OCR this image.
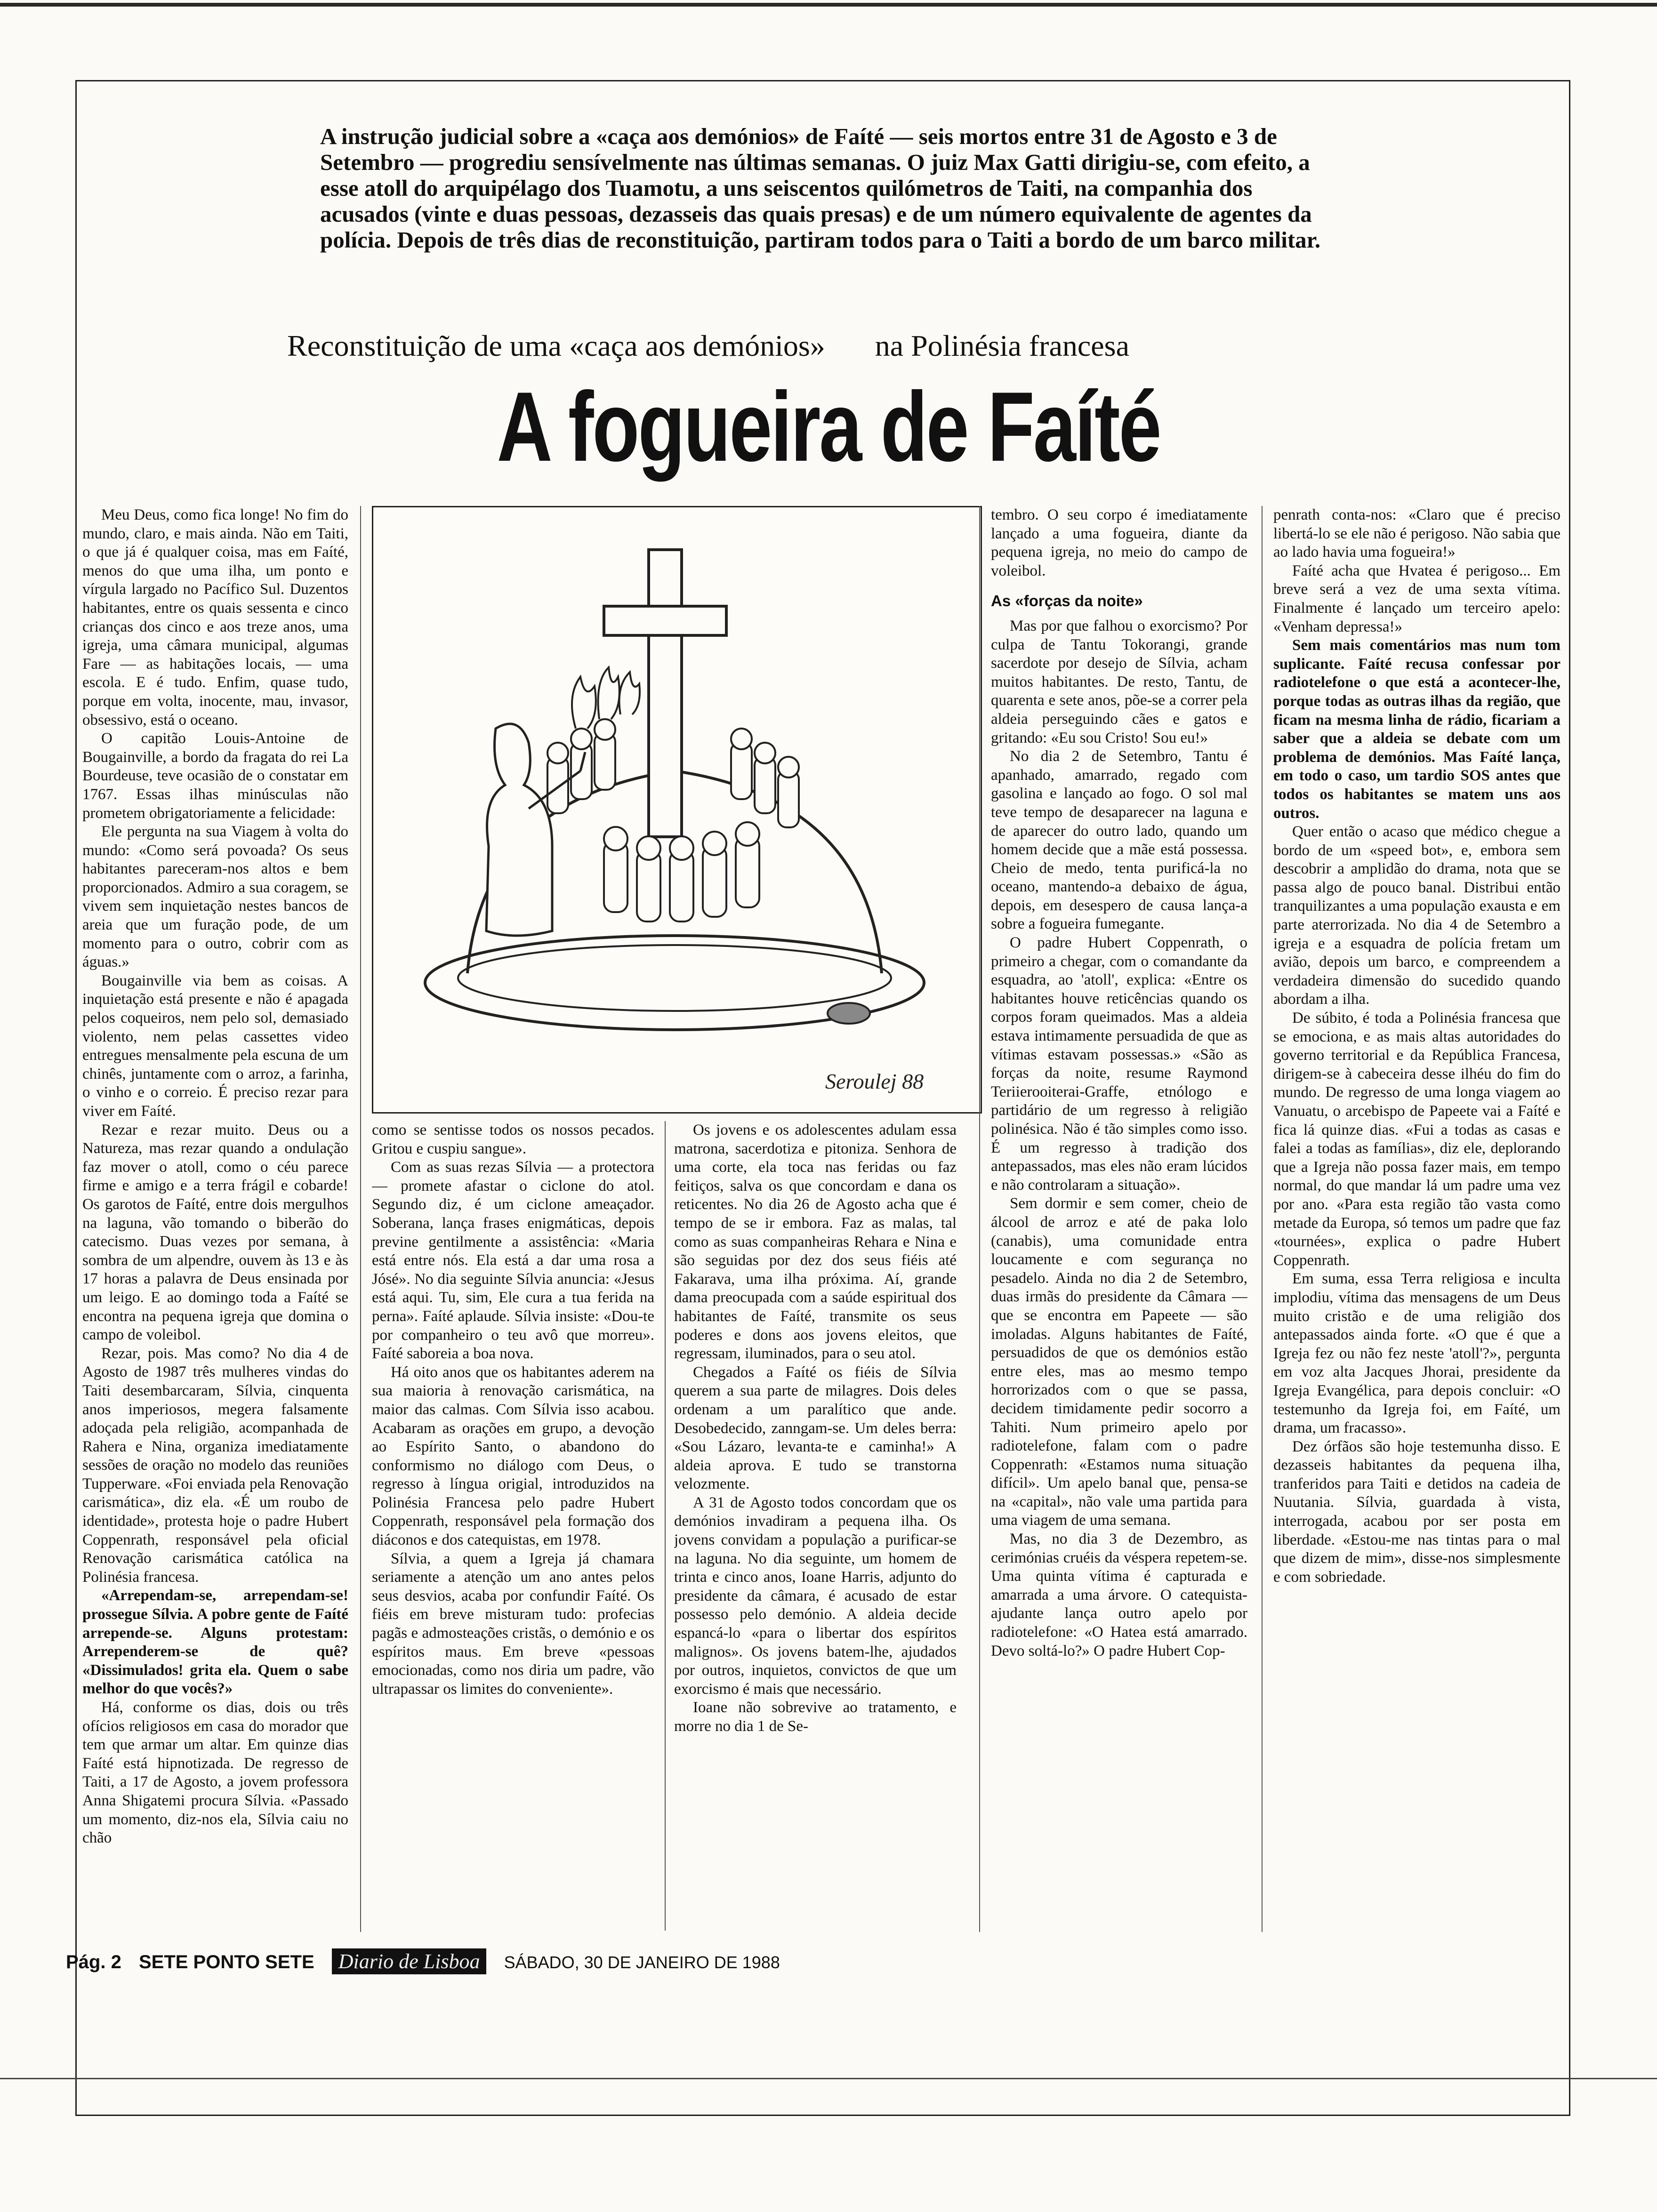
A instrução judicial sobre a «caça aos demónios» de Faíté — seis mortos entre 31 de Agosto e 3 de Setembro — progrediu sensívelmente nas últimas semanas. O juiz Max Gatti dirigiu-se, com efeito, a esse atoll do arquipélago dos Tuamotu, a uns seiscentos quilómetros de Taiti, na companhia dos acusados (vinte e duas pessoas, dezasseis das quais presas) e de um número equivalente de agentes da polícia. Depois de três dias de reconstituição, partiram todos para o Taiti a bordo de um barco militar.
Reconstituição de uma «caça aos demónios» na Polinésia francesa
A fogueira de Faíté

Meu Deus, como fica longe! No fim do mundo, claro, e mais ainda. Não em Taiti, o que já é qualquer coisa, mas em Faíté, menos do que uma ilha, um ponto e vírgula largado no Pacífico Sul. Duzentos habitantes, entre os quais sessenta e cinco crianças dos cinco e aos treze anos, uma igreja, uma câmara municipal, algumas Fare — as habitações locais, — uma escola. E é tudo. Enfim, quase tudo, porque em volta, inocente, mau, invasor, obsessivo, está o oceano.

O capitão Louis-Antoine de Bougainville, a bordo da fragata do rei La Bourdeuse, teve ocasião de o constatar em 1767. Essas ilhas minúsculas não prometem obrigatoriamente a felicidade:

Ele pergunta na sua Viagem à volta do mundo: «Como será povoada? Os seus habitantes pareceram-nos altos e bem proporcionados. Admiro a sua coragem, se vivem sem inquietação nestes bancos de areia que um furação pode, de um momento para o outro, cobrir com as águas.»

Bougainville via bem as coisas. A inquietação está presente e não é apagada pelos coqueiros, nem pelo sol, demasiado violento, nem pelas cassettes video entregues mensalmente pela escuna de um chinês, juntamente com o arroz, a farinha, o vinho e o correio. É preciso rezar para viver em Faíté.

Rezar e rezar muito. Deus ou a Natureza, mas rezar quando a ondulação faz mover o atoll, como o céu parece firme e amigo e a terra frágil e cobarde! Os garotos de Faíté, entre dois mergulhos na laguna, vão tomando o biberão do catecismo. Duas vezes por semana, à sombra de um alpendre, ouvem às 13 e às 17 horas a palavra de Deus ensinada por um leigo. E ao domingo toda a Faíté se encontra na pequena igreja que domina o campo de voleibol.

Rezar, pois. Mas como? No dia 4 de Agosto de 1987 três mulheres vindas do Taiti desembarcaram, Sílvia, cinquenta anos imperiosos, megera falsamente adoçada pela religião, acompanhada de Rahera e Nina, organiza imediatamente sessões de oração no modelo das reuniões Tupperware. «Foi enviada pela Renovação carismática», diz ela. «É um roubo de identidade», protesta hoje o padre Hubert Coppenrath, responsável pela oficial Renovação carismática católica na Polinésia francesa.

«Arrependam-se, arrependam-se! prossegue Sílvia. A pobre gente de Faíté arrepende-se. Alguns protestam: Arrependerem-se de quê? «Dissimulados! grita ela. Quem o sabe melhor do que vocês?»

Há, conforme os dias, dois ou três ofícios religiosos em casa do morador que tem que armar um altar. Em quinze dias Faíté está hipnotizada. De regresso de Taiti, a 17 de Agosto, a jovem professora Anna Shigatemi procura Sílvia. «Passado um momento, diz-nos ela, Sílvia caiu no chão

Seroulej 88

como se sentisse todos os nossos pecados. Gritou e cuspiu sangue».

Com as suas rezas Sílvia — a protectora — promete afastar o ciclone do atol. Segundo diz, é um ciclone ameaçador. Soberana, lança frases enigmáticas, depois previne gentilmente a assistência: «Maria está entre nós. Ela está a dar uma rosa a Jósé». No dia seguinte Sílvia anuncia: «Jesus está aqui. Tu, sim, Ele cura a tua ferida na perna». Faíté aplaude. Sílvia insiste: «Dou-te por companheiro o teu avô que morreu». Faíté saboreia a boa nova.

Há oito anos que os habitantes aderem na sua maioria à renovação carismática, na maior das calmas. Com Sílvia isso acabou. Acabaram as orações em grupo, a devoção ao Espírito Santo, o abandono do conformismo no diálogo com Deus, o regresso à língua origial, introduzidos na Polinésia Francesa pelo padre Hubert Coppenrath, responsável pela formação dos diáconos e dos catequistas, em 1978.

Sílvia, a quem a Igreja já chamara seriamente a atenção um ano antes pelos seus desvios, acaba por confundir Faíté. Os fiéis em breve misturam tudo: profecias pagãs e admosteações cristãs, o demónio e os espíritos maus. Em breve «pessoas emocionadas, como nos diria um padre, vão ultrapassar os limites do conveniente».

Os jovens e os adolescentes adulam essa matrona, sacerdotiza e pitoniza. Senhora de uma corte, ela toca nas feridas ou faz feitiços, salva os que concordam e dana os reticentes. No dia 26 de Agosto acha que é tempo de se ir embora. Faz as malas, tal como as suas companheiras Rehara e Nina e são seguidas por dez dos seus fiéis até Fakarava, uma ilha próxima. Aí, grande dama preocupada com a saúde espiritual dos habitantes de Faíté, transmite os seus poderes e dons aos jovens eleitos, que regressam, iluminados, para o seu atol.

Chegados a Faíté os fiéis de Sílvia querem a sua parte de milagres. Dois deles ordenam a um paralítico que ande. Desobedecido, zanngam-se. Um deles berra: «Sou Lázaro, levanta-te e caminha!» A aldeia aprova. E tudo se transtorna velozmente.

A 31 de Agosto todos concordam que os demónios invadiram a pequena ilha. Os jovens convidam a população a purificar-se na laguna. No dia seguinte, um homem de trinta e cinco anos, Ioane Harris, adjunto do presidente da câmara, é acusado de estar possesso pelo demónio. A aldeia decide espancá-lo «para o libertar dos espíritos malignos». Os jovens batem-lhe, ajudados por outros, inquietos, convictos de que um exorcismo é mais que necessário.

Ioane não sobrevive ao tratamento, e morre no dia 1 de Se-

tembro. O seu corpo é imediatamente lançado a uma fogueira, diante da pequena igreja, no meio do campo de voleibol.

As «forças da noite»

Mas por que falhou o exorcismo? Por culpa de Tantu Tokorangi, grande sacerdote por desejo de Sílvia, acham muitos habitantes. De resto, Tantu, de quarenta e sete anos, põe-se a correr pela aldeia perseguindo cães e gatos e gritando: «Eu sou Cristo! Sou eu!»

No dia 2 de Setembro, Tantu é apanhado, amarrado, regado com gasolina e lançado ao fogo. O sol mal teve tempo de desaparecer na laguna e de aparecer do outro lado, quando um homem decide que a mãe está possessa. Cheio de medo, tenta purificá-la no oceano, mantendo-a debaixo de água, depois, em desespero de causa lança-a sobre a fogueira fumegante.

O padre Hubert Coppenrath, o primeiro a chegar, com o comandante da esquadra, ao 'atoll', explica: «Entre os habitantes houve reticências quando os corpos foram queimados. Mas a aldeia estava intimamente persuadida de que as vítimas estavam possessas.» «São as forças da noite, resume Raymond Teriierooiterai-Graffe, etnólogo e partidário de um regresso à religião polinésica. Não é tão simples como isso. É um regresso à tradição dos antepassados, mas eles não eram lúcidos e não controlaram a situação».

Sem dormir e sem comer, cheio de álcool de arroz e até de paka lolo (canabis), uma comunidade entra loucamente e com segurança no pesadelo. Ainda no dia 2 de Setembro, duas irmãs do presidente da Câmara — que se encontra em Papeete — são imoladas. Alguns habitantes de Faíté, persuadidos de que os demónios estão entre eles, mas ao mesmo tempo horrorizados com o que se passa, decidem timidamente pedir socorro a Tahiti. Num primeiro apelo por radiotelefone, falam com o padre Coppenrath: «Estamos numa situação difícil». Um apelo banal que, pensa-se na «capital», não vale uma partida para uma viagem de uma semana.

Mas, no dia 3 de Dezembro, as cerimónias cruéis da véspera repetem-se. Uma quinta vítima é capturada e amarrada a uma árvore. O catequista-ajudante lança outro apelo por radiotelefone: «O Hatea está amarrado. Devo soltá-lo?» O padre Hubert Cop-

penrath conta-nos: «Claro que é preciso libertá-lo se ele não é perigoso. Não sabia que ao lado havia uma fogueira!»

Faíté acha que Hvatea é perigoso... Em breve será a vez de uma sexta vítima. Finalmente é lançado um terceiro apelo: «Venham depressa!»

Sem mais comentários mas num tom suplicante. Faíté recusa confessar por radiotelefone o que está a acontecer-lhe, porque todas as outras ilhas da região, que ficam na mesma linha de rádio, ficariam a saber que a aldeia se debate com um problema de demónios. Mas Faíté lança, em todo o caso, um tardio SOS antes que todos os habitantes se matem uns aos outros.

Quer então o acaso que médico chegue a bordo de um «speed bot», e, embora sem descobrir a amplidão do drama, nota que se passa algo de pouco banal. Distribui então tranquilizantes a uma população exausta e em parte aterrorizada. No dia 4 de Setembro a igreja e a esquadra de polícia fretam um avião, depois um barco, e compreendem a verdadeira dimensão do sucedido quando abordam a ilha.

De súbito, é toda a Polinésia francesa que se emociona, e as mais altas autoridades do governo territorial e da República Francesa, dirigem-se à cabeceira desse ilhéu do fim do mundo. De regresso de uma longa viagem ao Vanuatu, o arcebispo de Papeete vai a Faíté e fica lá quinze dias. «Fui a todas as casas e falei a todas as famílias», diz ele, deplorando que a Igreja não possa fazer mais, em tempo normal, do que mandar lá um padre uma vez por ano. «Para esta região tão vasta como metade da Europa, só temos um padre que faz «tournées», explica o padre Hubert Coppenrath.

Em suma, essa Terra religiosa e inculta implodiu, vítima das mensagens de um Deus muito cristão e de uma religião dos antepassados ainda forte. «O que é que a Igreja fez ou não fez neste 'atoll'?», pergunta em voz alta Jacques Jhorai, presidente da Igreja Evangélica, para depois concluir: «O testemunho da Igreja foi, em Faíté, um drama, um fracasso».

Dez órfãos são hoje testemunha disso. E dezasseis habitantes da pequena ilha, tranferidos para Taiti e detidos na cadeia de Nuutania. Sílvia, guardada à vista, interrogada, acabou por ser posta em liberdade. «Estou-me nas tintas para o mal que dizem de mim», disse-nos simplesmente e com sobriedade.

Pág. 2 SETE PONTO SETE Diario de Lisboa SÁBADO, 30 DE JANEIRO DE 1988
